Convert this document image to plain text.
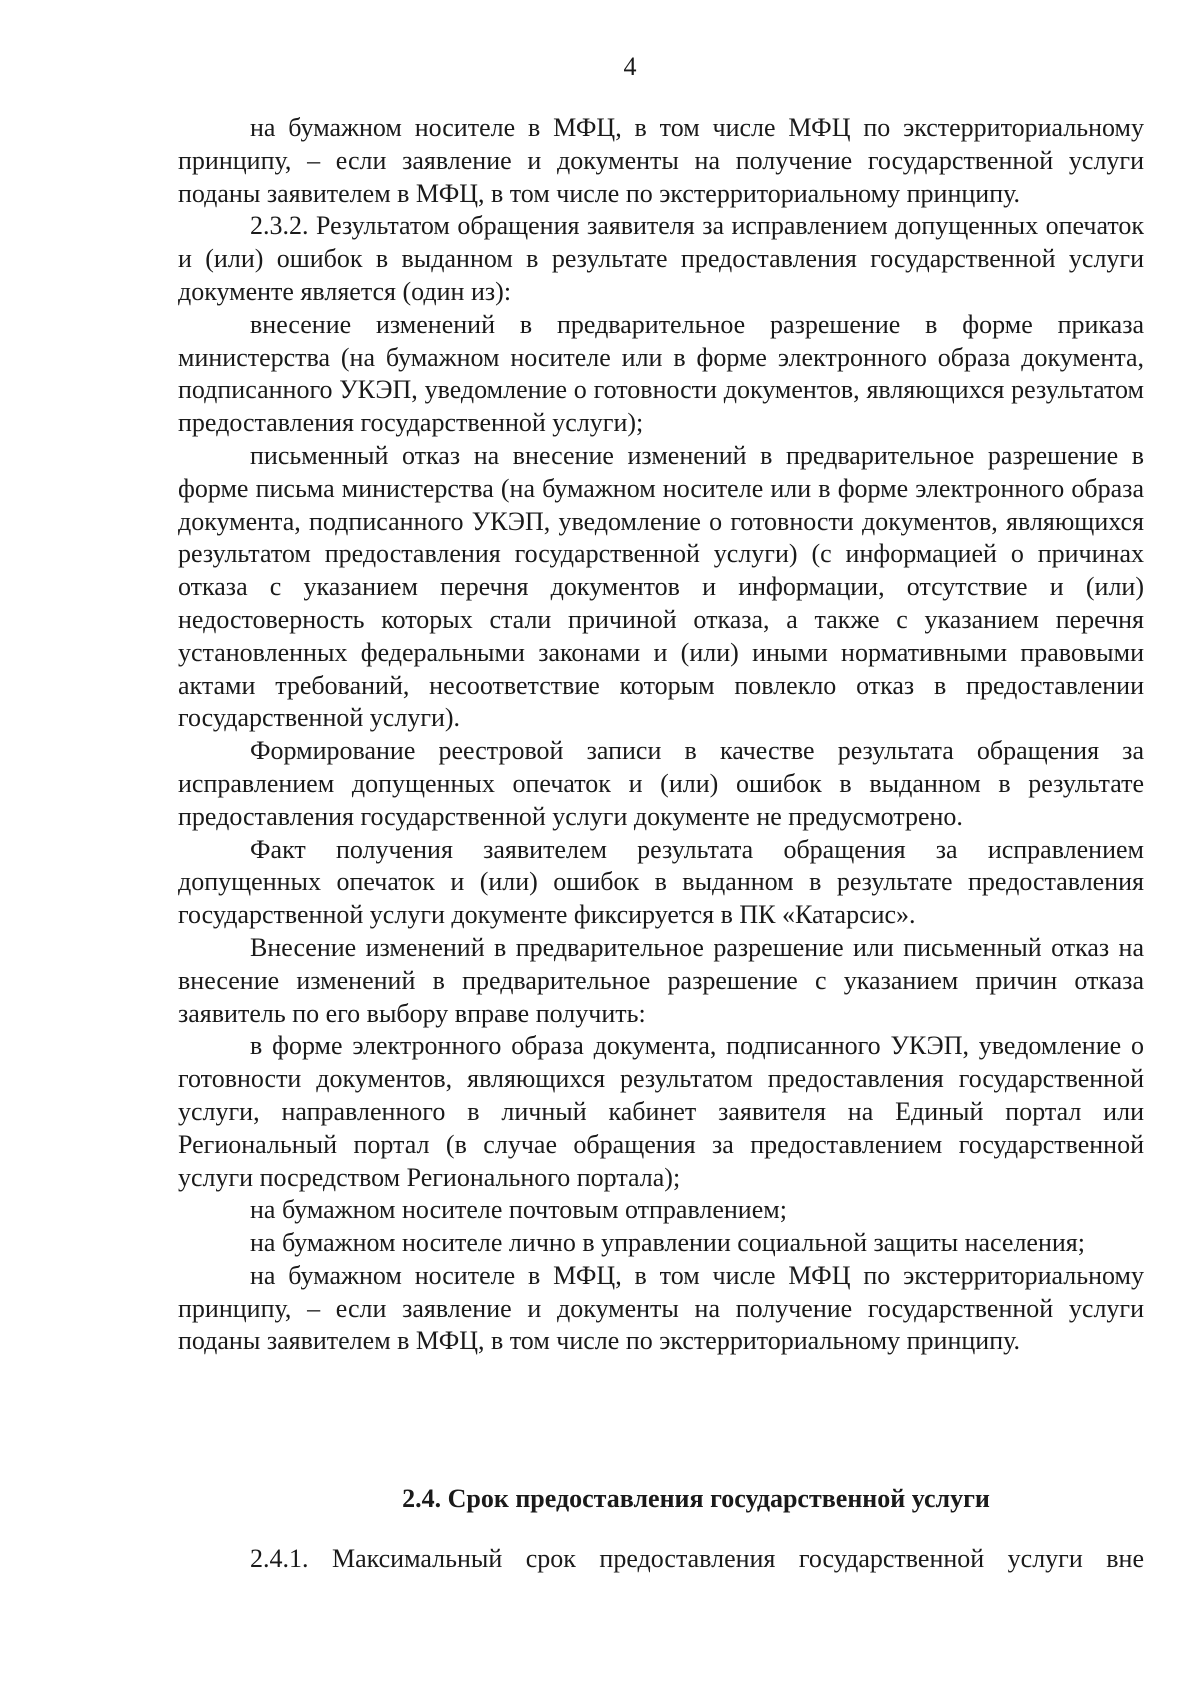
4

на бумажном носителе в МФЦ, в том числе МФЦ по экстерриториальному принципу, – если заявление и документы на получение государственной услуги поданы заявителем в МФЦ, в том числе по экстерриториальному принципу.

2.3.2. Результатом обращения заявителя за исправлением допущенных опечаток и (или) ошибок в выданном в результате предоставления государственной услуги документе является (один из):

внесение изменений в предварительное разрешение в форме приказа министерства (на бумажном носителе или в форме электронного образа документа, подписанного УКЭП, уведомление о готовности документов, являющихся результатом предоставления государственной услуги);

письменный отказ на внесение изменений в предварительное разрешение в форме письма министерства (на бумажном носителе или в форме электронного образа документа, подписанного УКЭП, уведомление о готовности документов, являющихся результатом предоставления государственной услуги) (с информацией о причинах отказа с указанием перечня документов и информации, отсутствие и (или) недостоверность которых стали причиной отказа, а также с указанием перечня установленных федеральными законами и (или) иными нормативными правовыми актами требований, несоответствие которым повлекло отказ в предоставлении государственной услуги).

Формирование реестровой записи в качестве результата обращения за исправлением допущенных опечаток и (или) ошибок в выданном в результате предоставления государственной услуги документе не предусмотрено.

Факт получения заявителем результата обращения за исправлением допущенных опечаток и (или) ошибок в выданном в результате предоставления государственной услуги документе фиксируется в ПК «Катарсис».

Внесение изменений в предварительное разрешение или письменный отказ на внесение изменений в предварительное разрешение с указанием причин отказа заявитель по его выбору вправе получить:

в форме электронного образа документа, подписанного УКЭП, уведомление о готовности документов, являющихся результатом предоставления государственной услуги, направленного в личный кабинет заявителя на Единый портал или Региональный портал (в случае обращения за предоставлением государственной услуги посредством Регионального портала);

на бумажном носителе почтовым отправлением;

на бумажном носителе лично в управлении социальной защиты населения;

на бумажном носителе в МФЦ, в том числе МФЦ по экстерриториальному принципу, – если заявление и документы на получение государственной услуги поданы заявителем в МФЦ, в том числе по экстерриториальному принципу.

2.4. Срок предоставления государственной услуги

2.4.1. Максимальный срок предоставления государственной услуги вне
